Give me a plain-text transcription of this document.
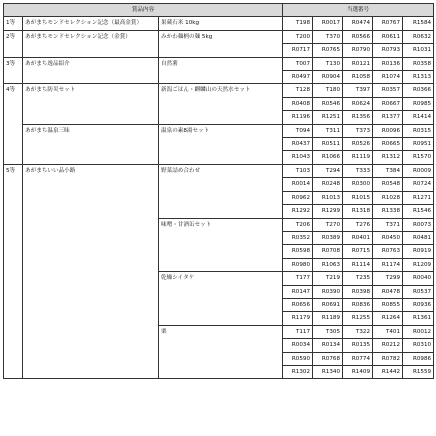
賞品内容			当選番号				
1等	あがまちモンドセレクション記念（最高金賞）	果蔵石米 10kg	T198	R0017	R0474	R0767	R1584
2等	あがまちモンドセレクション記念（金賞）	みかわ麺柄の麺 5kg	T200	T370	R0566	R0611	R0632
			R0717	R0765	R0790	R0793	R1031
3等	あがまち逸品紹介	自然薯	T007	T130	R0121	R0136	R0358
			R0497	R0904	R1058	R1074	R1313
4等	あがまち防災セット	新潟ごはん・麒麟山の天然水セット	T128	T180	T397	R0357	R0366
			R0408	R0546	R0624	R0667	R0985
			R1196	R1251	R1356	R1377	R1414
	あがまち温泉三昧	温泉の素8湯セット	T094	T311	T373	R0096	R0315
			R0437	R0511	R0526	R0665	R0951
			R1043	R1066	R1119	R1312	R1570
5等	あがまちいい品小路	野菜詰め合わせ	T103	T294	T333	T384	R0009
			R0014	R0248	R0300	R0548	R0724
			R0962	R1013	R1015	R1028	R1271
			R1292	R1299	R1318	R1338	R1546
		味噌・甘酒缶セット	T206	T270	T276	T371	R0073
			R0352	R0389	R0401	R0450	R0481
			R0598	R0708	R0715	R0763	R0919
			R0980	R1063	R1114	R1174	R1209
		乾燥シイタケ	T177	T219	T235	T299	R0040
			R0147	R0390	R0398	R0478	R0537
			R0656	R0691	R0836	R0855	R0936
			R1179	R1189	R1255	R1264	R1361
		栗	T117	T305	T322	T401	R0012
			R0034	R0134	R0135	R0212	R0310
			R0590	R0768	R0774	R0782	R0986
			R1302	R1340	R1409	R1442	R1559
